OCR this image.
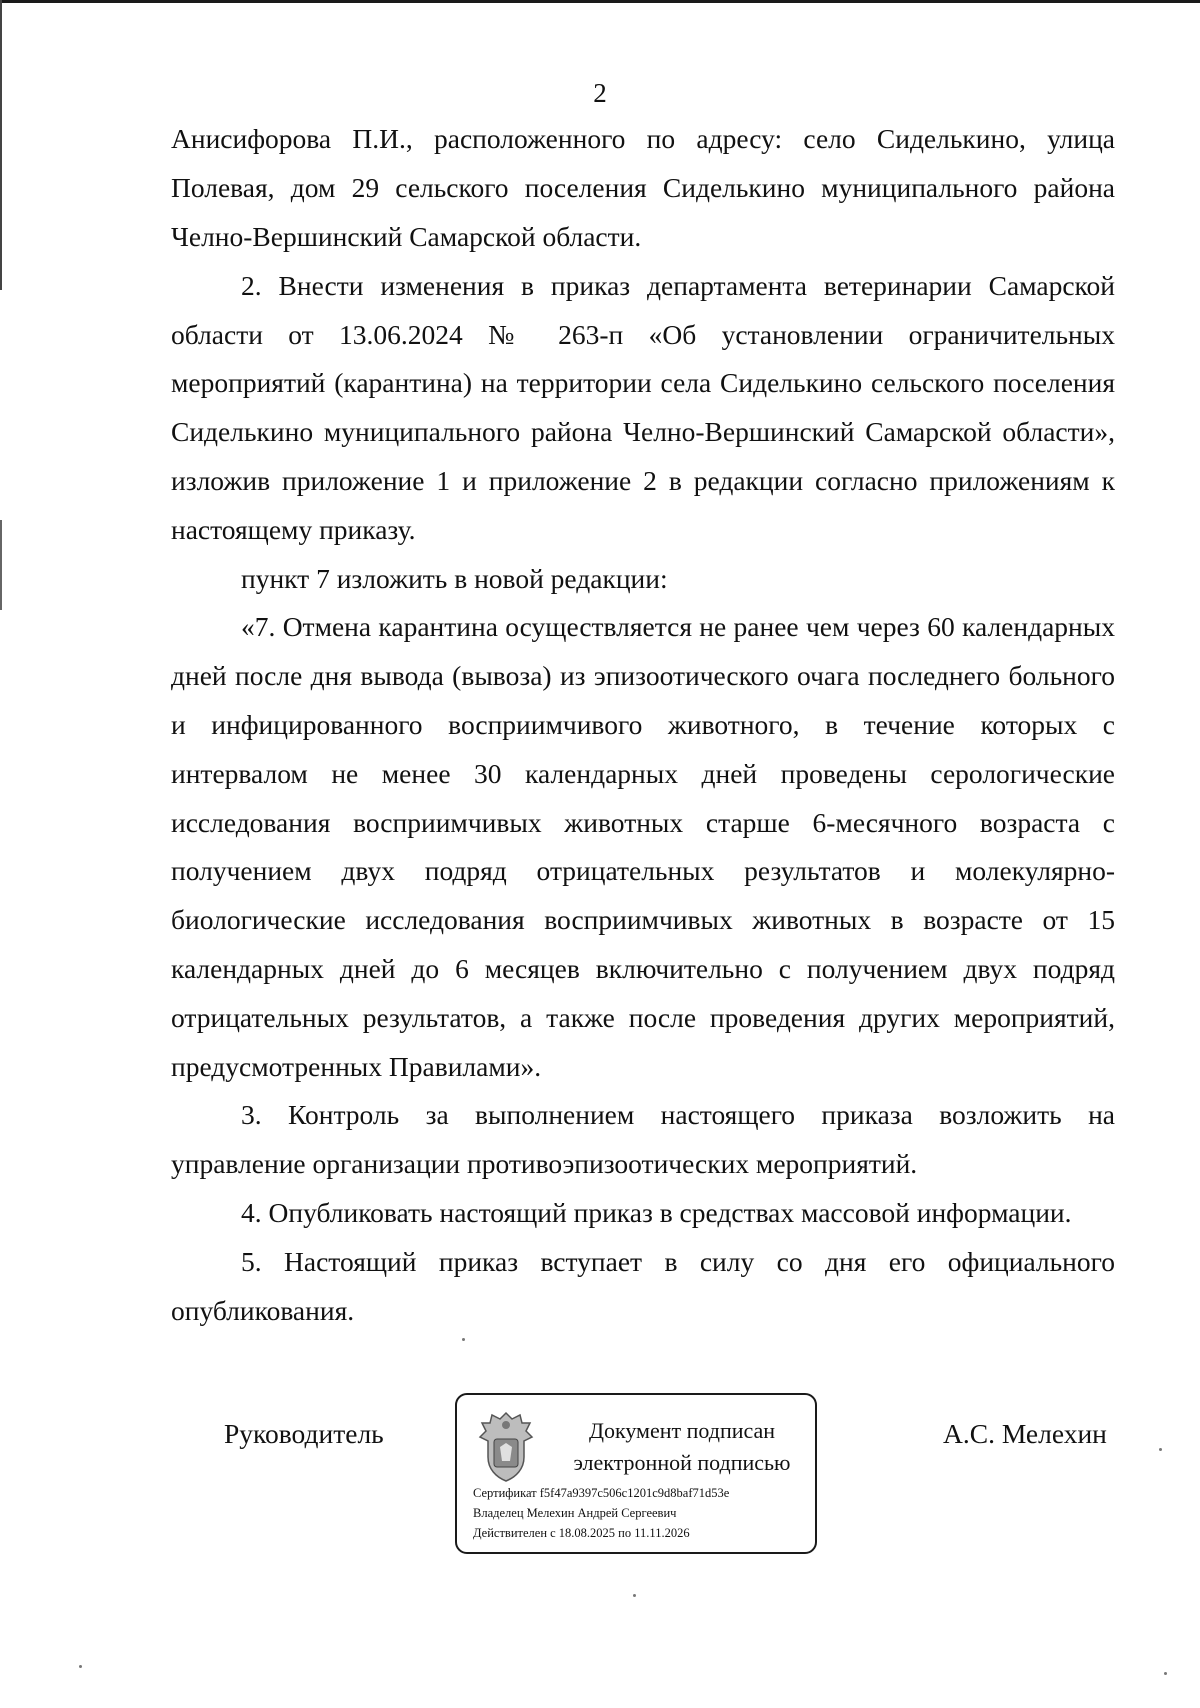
2

Анисифорова П.И., расположенного по адресу: село Сиделькино, улица Полевая, дом 29 сельского поселения Сиделькино муниципального района Челно-Вершинский Самарской области.

2. Внести изменения в приказ департамента ветеринарии Самарской области от 13.06.2024 № 263-п «Об установлении ограничительных мероприятий (карантина) на территории села Сиделькино сельского поселения Сиделькино муниципального района Челно-Вершинский Самарской области», изложив приложение 1 и приложение 2 в редакции согласно приложениям к настоящему приказу.

пункт 7 изложить в новой редакции:

«7. Отмена карантина осуществляется не ранее чем через 60 календарных дней после дня вывода (вывоза) из эпизоотического очага последнего больного и инфицированного восприимчивого животного, в течение которых с интервалом не менее 30 календарных дней проведены серологические исследования восприимчивых животных старше 6-месячного возраста с получением двух подряд отрицательных результатов и молекулярно-биологические исследования восприимчивых животных в возрасте от 15 календарных дней до 6 месяцев включительно с получением двух подряд отрицательных результатов, а также после проведения других мероприятий, предусмотренных Правилами».

3. Контроль за выполнением настоящего приказа возложить на управление организации противоэпизоотических мероприятий.

4. Опубликовать настоящий приказ в средствах массовой информации.

5. Настоящий приказ вступает в силу со дня его официального опубликования.

Руководитель	Документ подписан
электронной подписью
Сертификат f5f47a9397c506c1201c9d8baf71d53e
Владелец Мелехин Андрей Сергеевич
Действителен с 18.08.2025 по 11.11.2026
А.С. Мелехин
